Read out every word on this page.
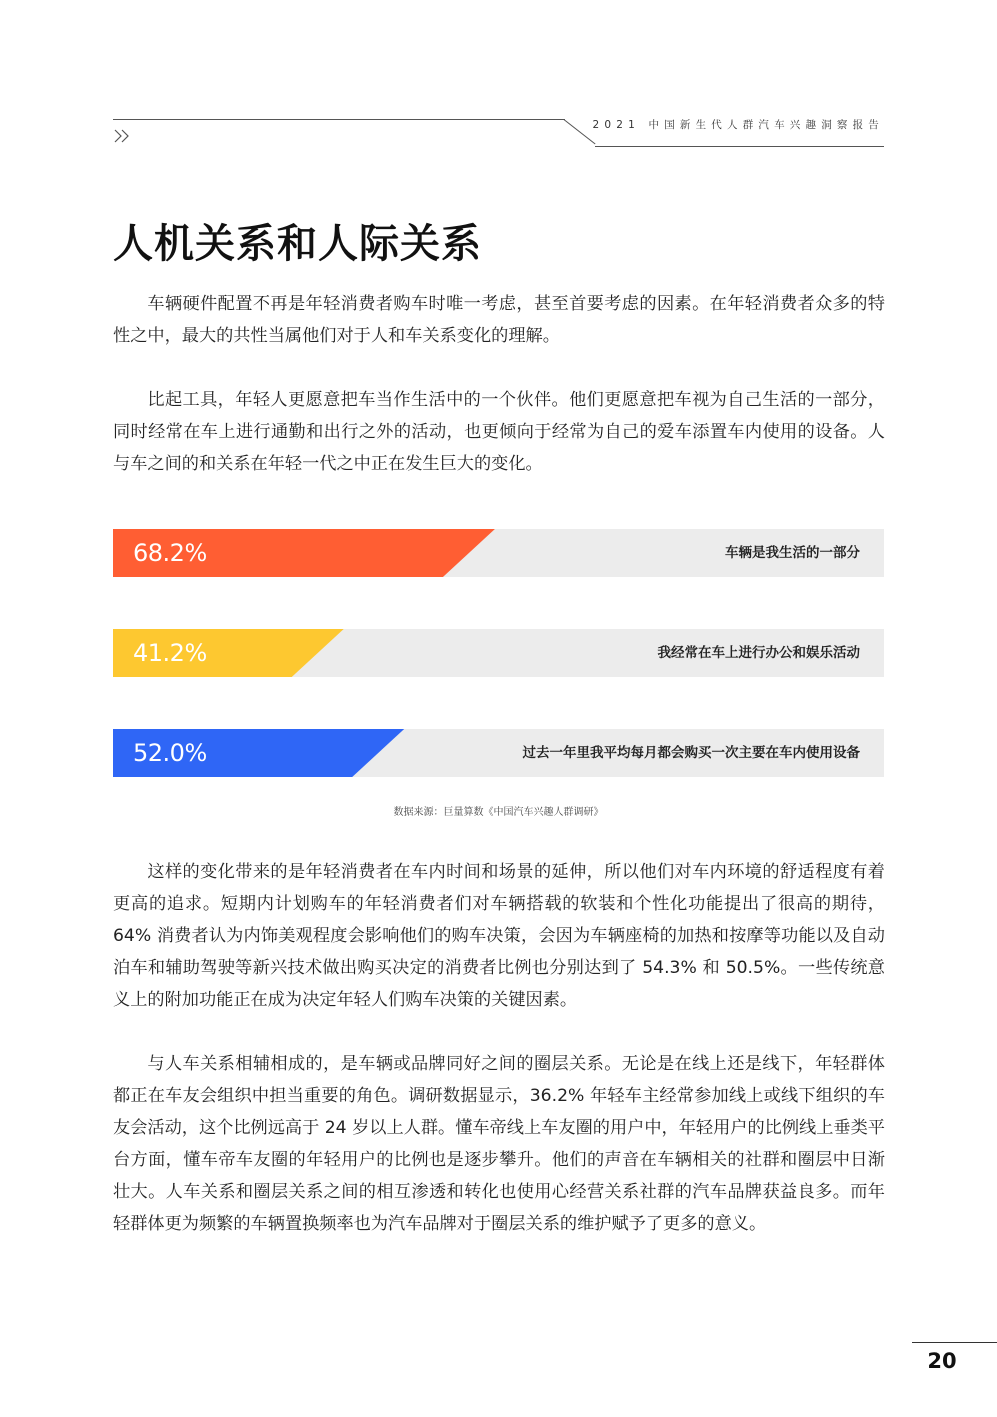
2021 中国新生代人群汽车兴趣洞察报告
人机关系和人际关系

车辆硬件配置不再是年轻消费者购车时唯一考虑，甚至首要考虑的因素。在年轻消费者众多的特性之中，最大的共性当属他们对于人和车关系变化的理解。

比起工具，年轻人更愿意把车当作生活中的一个伙伴。他们更愿意把车视为自己生活的一部分，同时经常在车上进行通勤和出行之外的活动，也更倾向于经常为自己的爱车添置车内使用的设备。人与车之间的和关系在年轻一代之中正在发生巨大的变化。

68.2%	车辆是我生活的一部分
41.2%	我经常在车上进行办公和娱乐活动
52.0%	过去一年里我平均每月都会购买一次主要在车内使用设备
数据来源：巨量算数《中国汽车兴趣人群调研》

这样的变化带来的是年轻消费者在车内时间和场景的延伸，所以他们对车内环境的舒适程度有着更高的追求。短期内计划购车的年轻消费者们对车辆搭载的软装和个性化功能提出了很高的期待，64% 消费者认为内饰美观程度会影响他们的购车决策，会因为车辆座椅的加热和按摩等功能以及自动泊车和辅助驾驶等新兴技术做出购买决定的消费者比例也分别达到了 54.3% 和 50.5%。一些传统意义上的附加功能正在成为决定年轻人们购车决策的关键因素。

与人车关系相辅相成的，是车辆或品牌同好之间的圈层关系。无论是在线上还是线下，年轻群体都正在车友会组织中担当重要的角色。调研数据显示，36.2% 年轻车主经常参加线上或线下组织的车友会活动，这个比例远高于 24 岁以上人群。懂车帝线上车友圈的用户中，年轻用户的比例线上垂类平台方面，懂车帝车友圈的年轻用户的比例也是逐步攀升。他们的声音在车辆相关的社群和圈层中日渐壮大。人车关系和圈层关系之间的相互渗透和转化也使用心经营关系社群的汽车品牌获益良多。而年轻群体更为频繁的车辆置换频率也为汽车品牌对于圈层关系的维护赋予了更多的意义。

20
